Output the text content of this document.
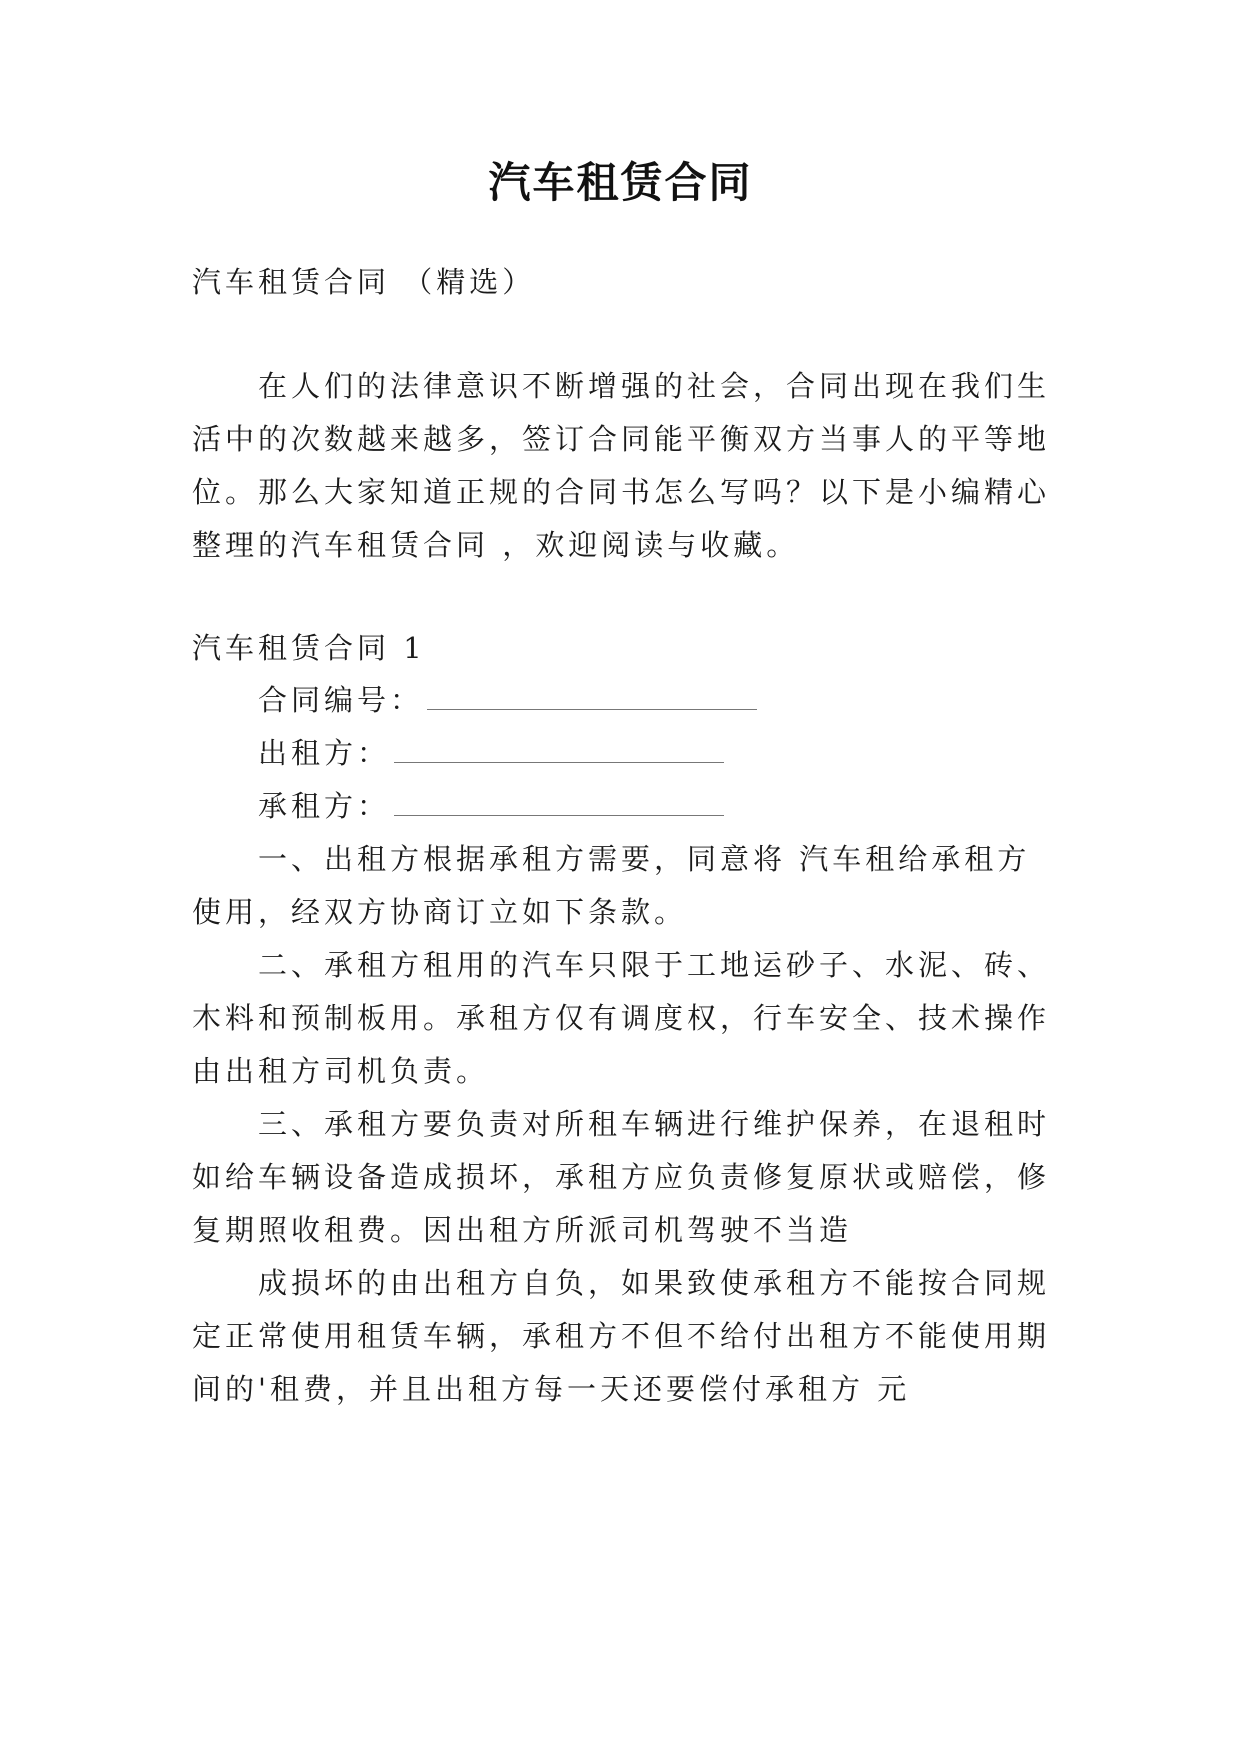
汽车租赁合同
汽车租赁合同 （精选）
在人们的法律意识不断增强的社会，合同出现在我们生
活中的次数越来越多，签订合同能平衡双方当事人的平等地
位。那么大家知道正规的合同书怎么写吗？以下是小编精心
整理的汽车租赁合同 ，欢迎阅读与收藏。
汽车租赁合同 1
合同编号：
出租方：
承租方：
一、出租方根据承租方需要，同意将 汽车租给承租方
使用，经双方协商订立如下条款。
二、承租方租用的汽车只限于工地运砂子、水泥、砖、
木料和预制板用。承租方仅有调度权，行车安全、技术操作
由出租方司机负责。
三、承租方要负责对所租车辆进行维护保养，在退租时
如给车辆设备造成损坏，承租方应负责修复原状或赔偿，修
复期照收租费。因出租方所派司机驾驶不当造
成损坏的由出租方自负，如果致使承租方不能按合同规
定正常使用租赁车辆，承租方不但不给付出租方不能使用期
间的'租费，并且出租方每一天还要偿付承租方 元
